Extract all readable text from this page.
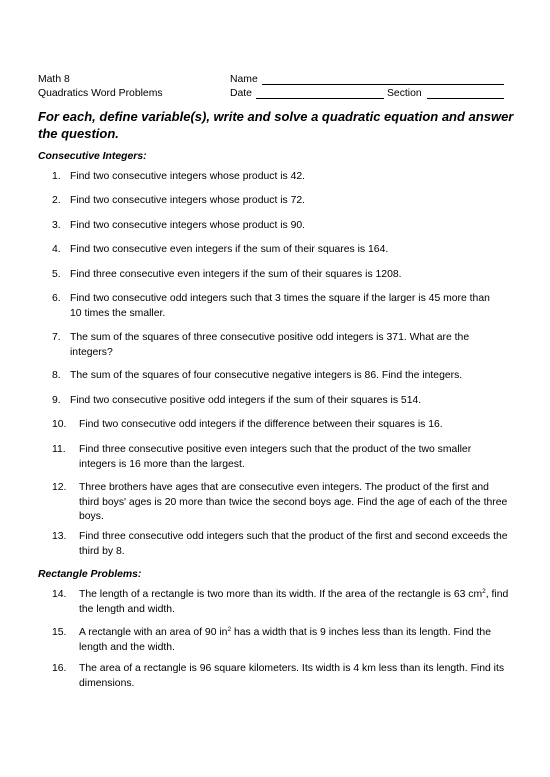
Math 8
Quadratics Word Problems
Name
Date	Section
For each, define variable(s), write and solve a quadratic equation and answer the question.
Consecutive Integers:
1. Find two consecutive integers whose product is 42.
2. Find two consecutive integers whose product is 72.
3. Find two consecutive integers whose product is 90.
4. Find two consecutive even integers if the sum of their squares is 164.
5. Find three consecutive even integers if the sum of their squares is 1208.
6. Find two consecutive odd integers such that 3 times the square if the larger is 45 more than 10 times the smaller.
7. The sum of the squares of three consecutive positive odd integers is 371. What are the integers?
8. The sum of the squares of four consecutive negative integers is 86. Find the integers.
9. Find two consecutive positive odd integers if the sum of their squares is 514.
10. Find two consecutive odd integers if the difference between their squares is 16.
11. Find three consecutive positive even integers such that the product of the two smaller integers is 16 more than the largest.
12. Three brothers have ages that are consecutive even integers. The product of the first and third boys' ages is 20 more than twice the second boys age. Find the age of each of the three boys.
13. Find three consecutive odd integers such that the product of the first and second exceeds the third by 8.
Rectangle Problems:
14. The length of a rectangle is two more than its width. If the area of the rectangle is 63 $cm^2$, find the length and width.
15. A rectangle with an area of 90 $in^2$ has a width that is 9 inches less than its length. Find the length and the width.
16. The area of a rectangle is 96 square kilometers. Its width is 4 km less than its length. Find its dimensions.
